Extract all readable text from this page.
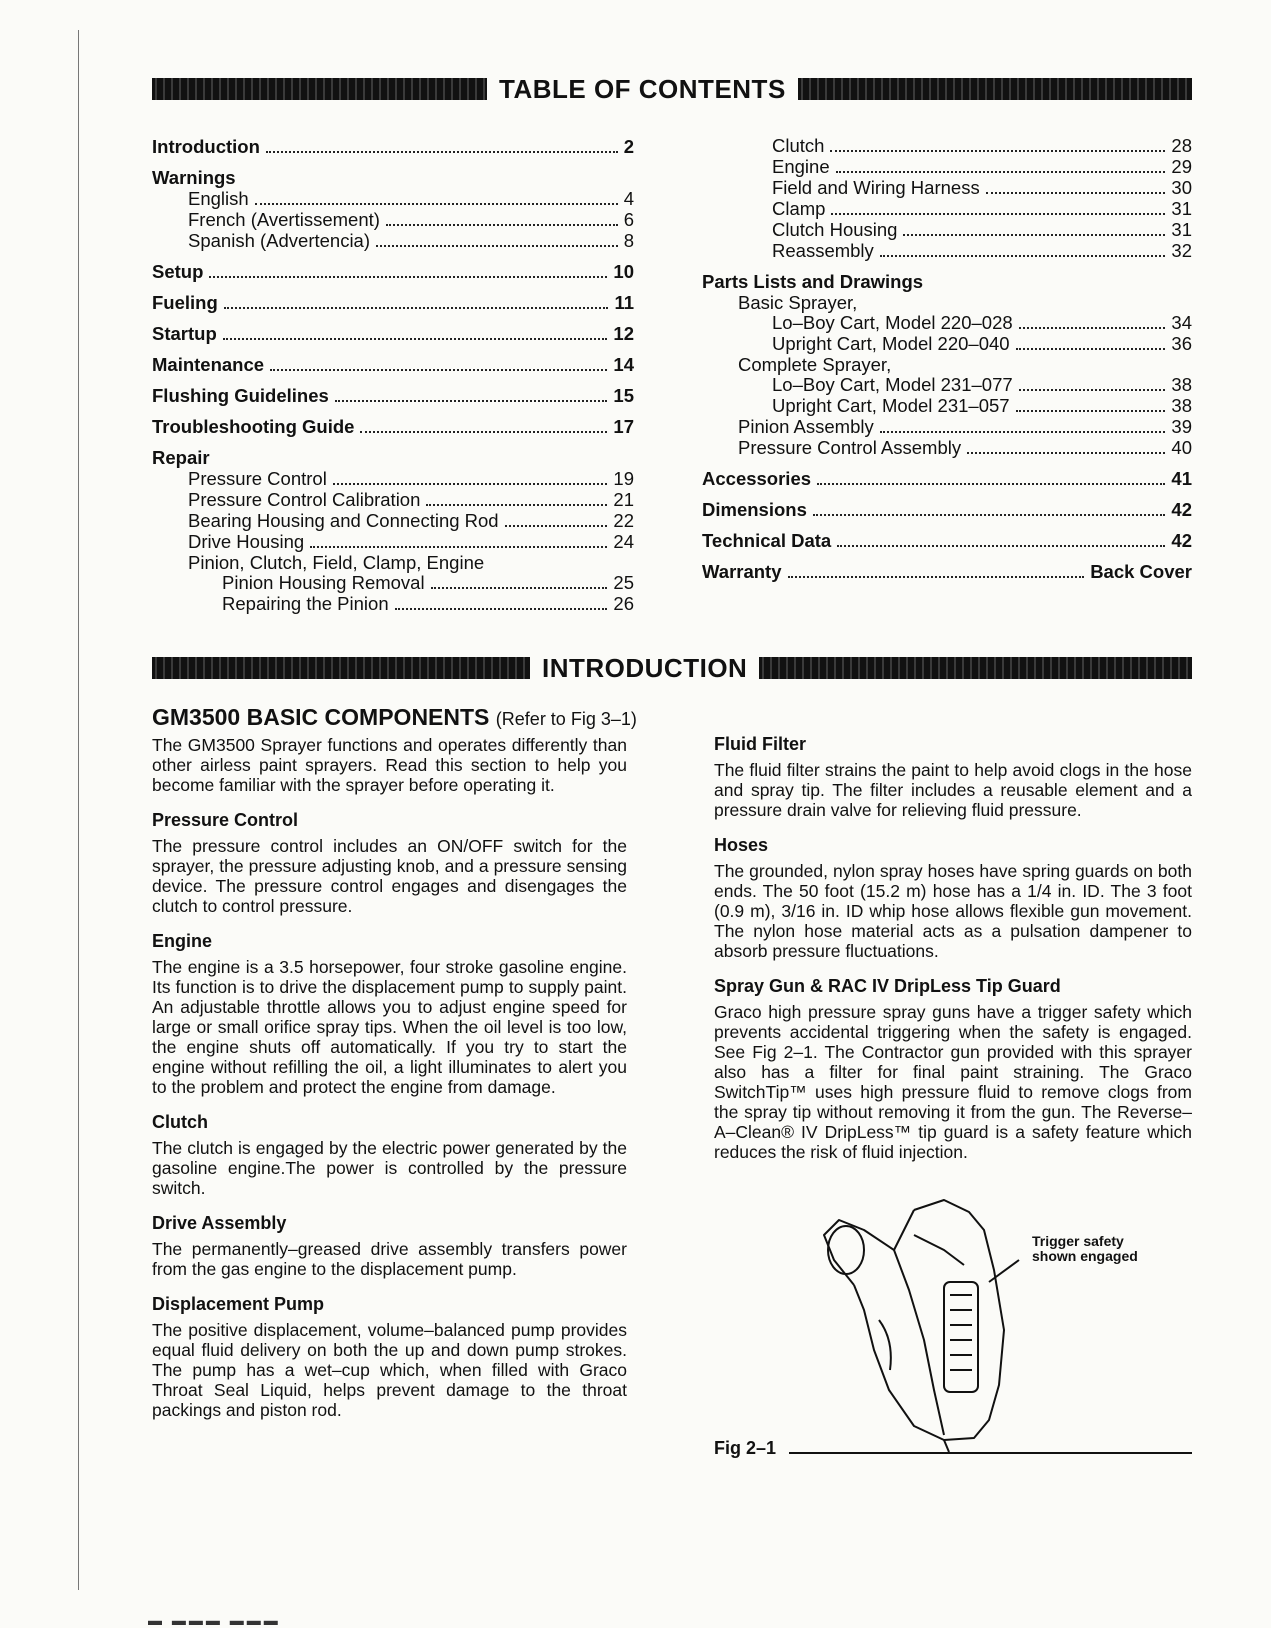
TABLE OF CONTENTS
Introduction	2
Warnings
English	4
French (Avertissement)	6
Spanish (Advertencia)	8
Setup	10
Fueling	11
Startup	12
Maintenance	14
Flushing Guidelines	15
Troubleshooting Guide	17
Repair
Pressure Control	19
Pressure Control Calibration	21
Bearing Housing and Connecting Rod	22
Drive Housing	24
Pinion, Clutch, Field, Clamp, Engine
Pinion Housing Removal	25
Repairing the Pinion	26
Clutch	28
Engine	29
Field and Wiring Harness	30
Clamp	31
Clutch Housing	31
Reassembly	32
Parts Lists and Drawings
Basic Sprayer,
Lo–Boy Cart, Model 220–028	34
Upright Cart, Model 220–040	36
Complete Sprayer,
Lo–Boy Cart, Model 231–077	38
Upright Cart, Model 231–057	38
Pinion Assembly	39
Pressure Control Assembly	40
Accessories	41
Dimensions	42
Technical Data	42
Warranty	Back Cover
INTRODUCTION
GM3500 BASIC COMPONENTS (Refer to Fig 3–1)

The GM3500 Sprayer functions and operates differently than other airless paint sprayers. Read this section to help you become familiar with the sprayer before operating it.

Pressure Control

The pressure control includes an ON/OFF switch for the sprayer, the pressure adjusting knob, and a pressure sensing device. The pressure control engages and disengages the clutch to control pressure.

Engine

The engine is a 3.5 horsepower, four stroke gasoline engine. Its function is to drive the displacement pump to supply paint. An adjustable throttle allows you to adjust engine speed for large or small orifice spray tips. When the oil level is too low, the engine shuts off automatically. If you try to start the engine without refilling the oil, a light illuminates to alert you to the problem and protect the engine from damage.

Clutch

The clutch is engaged by the electric power generated by the gasoline engine.The power is controlled by the pressure switch.

Drive Assembly

The permanently–greased drive assembly transfers power from the gas engine to the displacement pump.

Displacement Pump

The positive displacement, volume–balanced pump provides equal fluid delivery on both the up and down pump strokes. The pump has a wet–cup which, when filled with Graco Throat Seal Liquid, helps prevent damage to the throat packings and piston rod.

Fluid Filter

The fluid filter strains the paint to help avoid clogs in the hose and spray tip. The filter includes a reusable element and a pressure drain valve for relieving fluid pressure.

Hoses

The grounded, nylon spray hoses have spring guards on both ends. The 50 foot (15.2 m) hose has a 1/4 in. ID. The 3 foot (0.9 m), 3/16 in. ID whip hose allows flexible gun movement. The nylon hose material acts as a pulsation dampener to absorb pressure fluctuations.

Spray Gun & RAC IV DripLess Tip Guard

Graco high pressure spray guns have a trigger safety which prevents accidental triggering when the safety is engaged. See Fig 2–1. The Contractor gun provided with this sprayer also has a filter for final paint straining. The Graco SwitchTip™ uses high pressure fluid to remove clogs from the spray tip without removing it from the gun. The Reverse–A–Clean® IV DripLess™ tip guard is a safety feature which reduces the risk of fluid injection.

Trigger safety
shown engaged
Fig 2–1
▬ ▬▬▬ ▬▬▬
